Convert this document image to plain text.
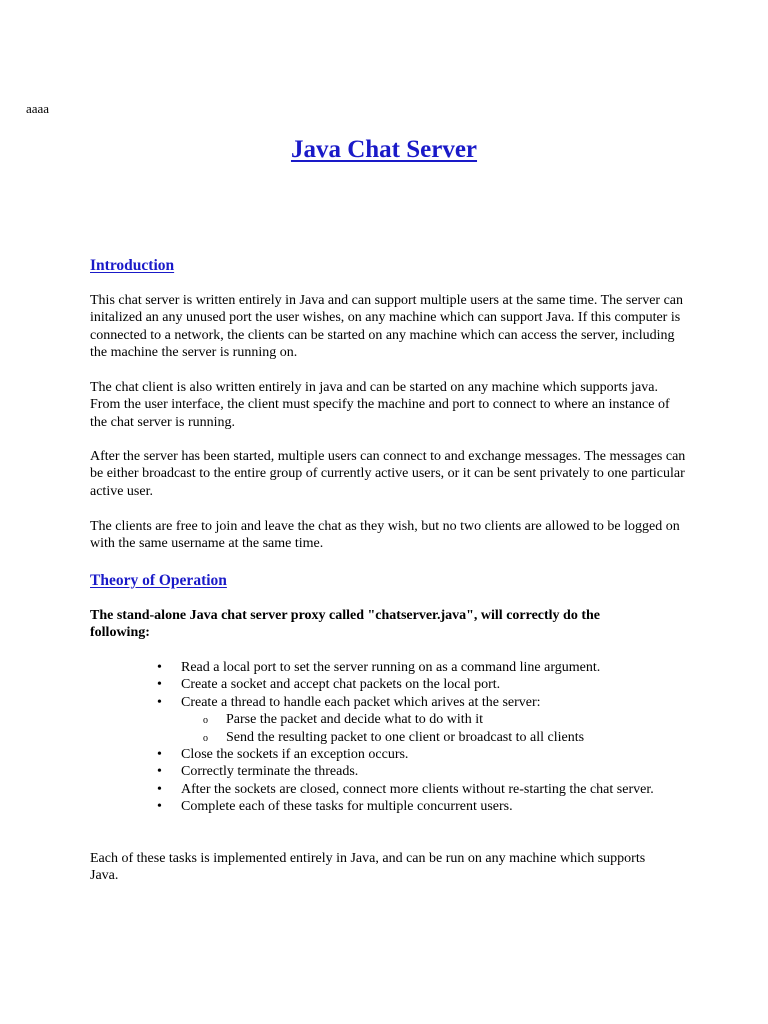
aaaa
Java Chat Server
Introduction

This chat server is written entirely in Java and can support multiple users at the same time. The server can initalized an any unused port the user wishes, on any machine which can support Java. If this computer is connected to a network, the clients can be started on any machine which can access the server, including the machine the server is running on.

The chat client is also written entirely in java and can be started on any machine which supports java. From the user interface, the client must specify the machine and port to connect to where an instance of the chat server is running.

After the server has been started, multiple users can connect to and exchange messages. The messages can be either broadcast to the entire group of currently active users, or it can be sent privately to one particular active user.

The clients are free to join and leave the chat as they wish, but no two clients are allowed to be logged on with the same username at the same time.

Theory of Operation

The stand-alone Java chat server proxy called "chatserver.java", will correctly do the following:

• Read a local port to set the server running on as a command line argument.
• Create a socket and accept chat packets on the local port.
• Create a thread to handle each packet which arives at the server:
o Parse the packet and decide what to do with it
o Send the resulting packet to one client or broadcast to all clients
• Close the sockets if an exception occurs.
• Correctly terminate the threads.
• After the sockets are closed, connect more clients without re-starting the chat server.
• Complete each of these tasks for multiple concurrent users.

Each of these tasks is implemented entirely in Java, and can be run on any machine which supports Java.
